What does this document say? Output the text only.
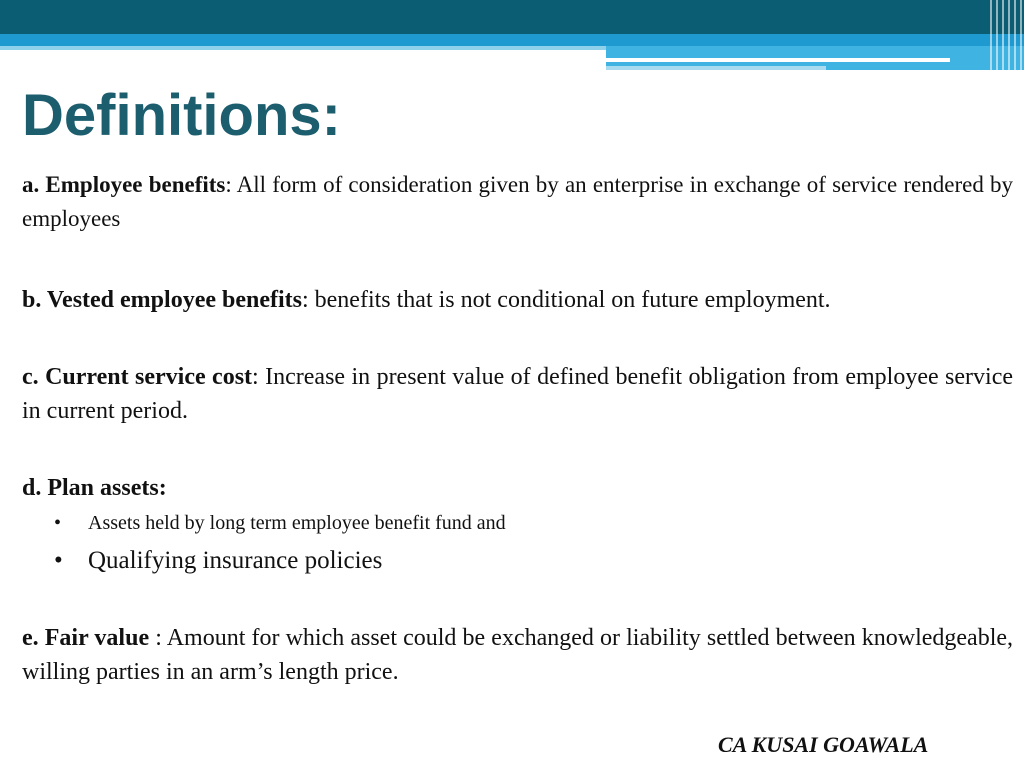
Definitions:

a. Employee benefits: All form of consideration given by an enterprise in exchange of service rendered by employees

b. Vested employee benefits: benefits that is not conditional on future employment.

c. Current service cost: Increase in present value of defined benefit obligation from employee service in current period.

d. Plan assets:

• Assets held by long term employee benefit fund and

• Qualifying insurance policies

e. Fair value : Amount for which asset could be exchanged or liability settled between knowledgeable, willing parties in an arm’s length price.

CA KUSAI GOAWALA
